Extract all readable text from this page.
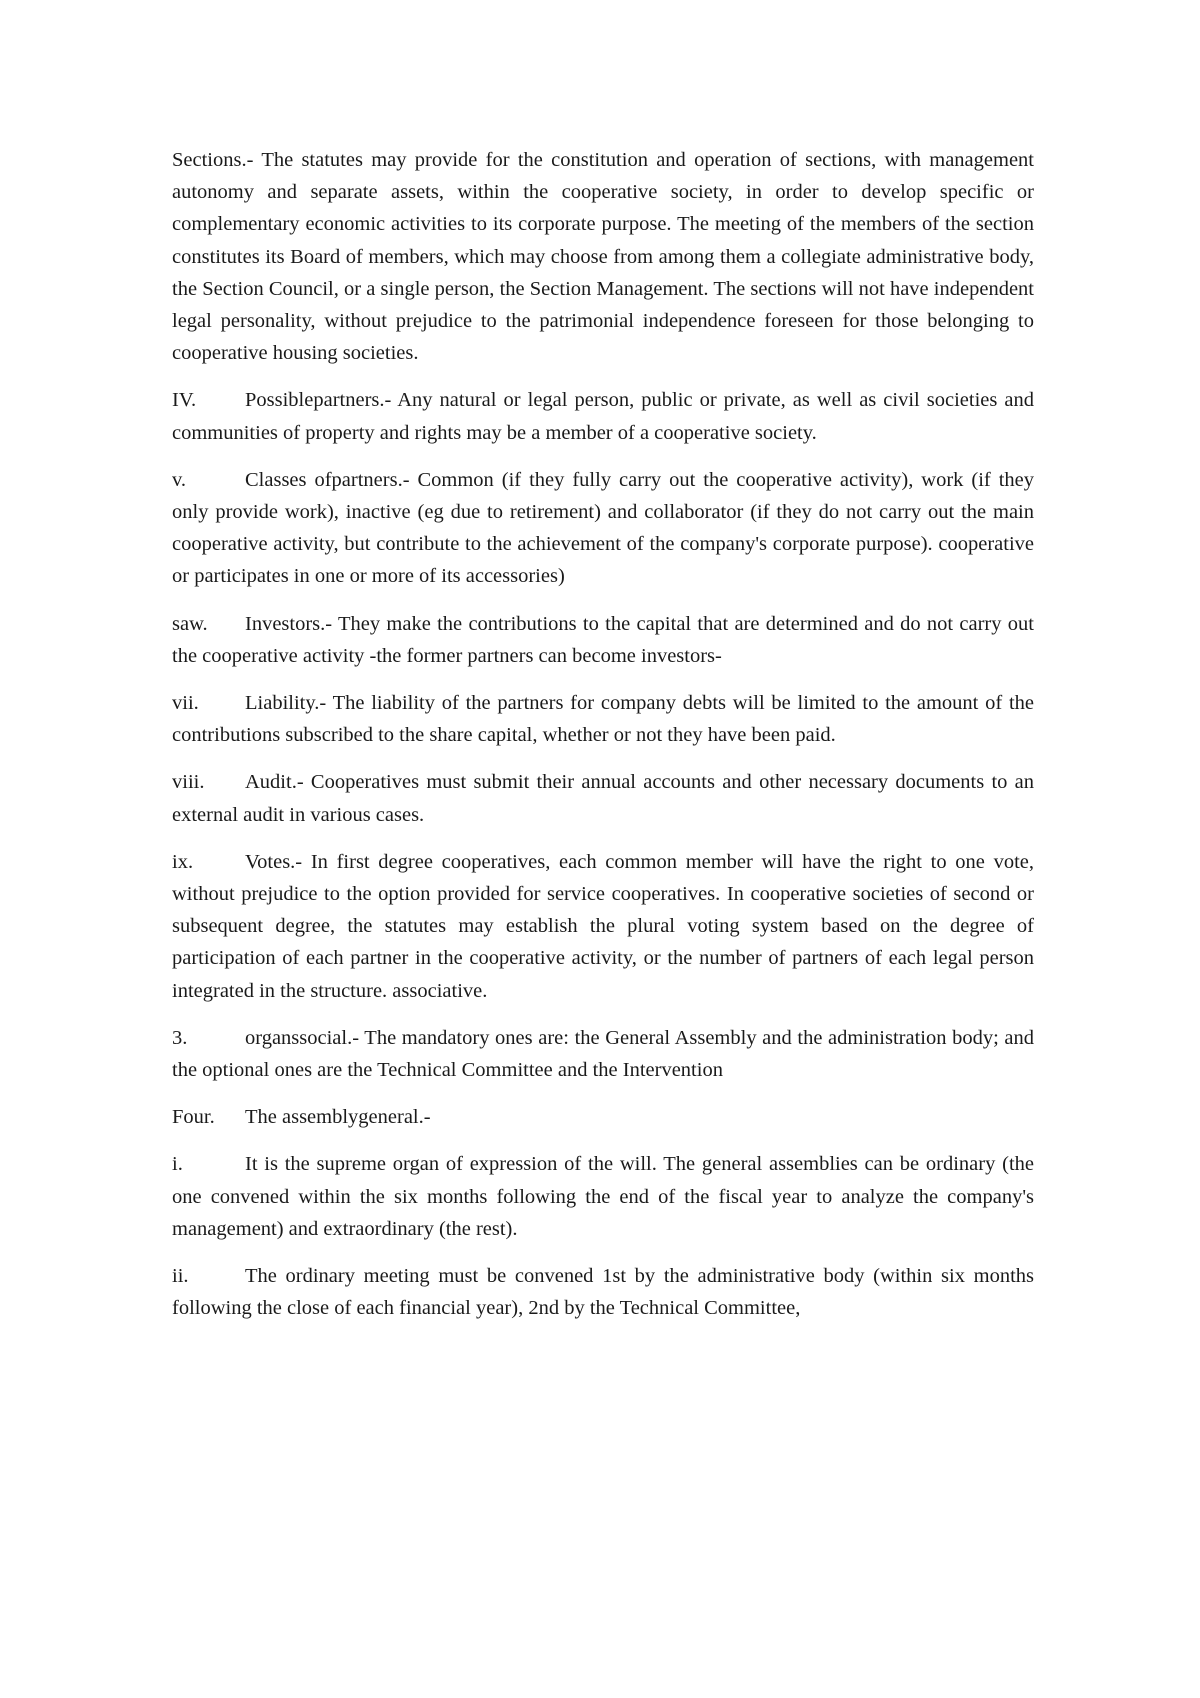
Sections.- The statutes may provide for the constitution and operation of sections, with management autonomy and separate assets, within the cooperative society, in order to develop specific or complementary economic activities to its corporate purpose. The meeting of the members of the section constitutes its Board of members, which may choose from among them a collegiate administrative body, the Section Council, or a single person, the Section Management. The sections will not have independent legal personality, without prejudice to the patrimonial independence foreseen for those belonging to cooperative housing societies.

IV. Possiblepartners.- Any natural or legal person, public or private, as well as civil societies and communities of property and rights may be a member of a cooperative society.

v.	Classes ofpartners.- Common (if they fully carry out the cooperative activity), work (if they only provide work), inactive (eg due to retirement) and collaborator (if they do not carry out the main cooperative activity, but contribute to the achievement of the company's corporate purpose). cooperative or participates in one or more of its accessories)

saw. Investors.- They make the contributions to the capital that are determined and do not carry out the cooperative activity -the former partners can become investors-

vii. Liability.- The liability of the partners for company debts will be limited to the amount of the contributions subscribed to the share capital, whether or not they have been paid.

viii. Audit.- Cooperatives must submit their annual accounts and other necessary documents to an external audit in various cases.

ix.	Votes.- In first degree cooperatives, each common member will have the right to one vote, without prejudice to the option provided for service cooperatives. In cooperative societies of second or subsequent degree, the statutes may establish the plural voting system based on the degree of participation of each partner in the cooperative activity, or the number of partners of each legal person integrated in the structure. associative.

3.	organssocial.- The mandatory ones are: the General Assembly and the administration body; and the optional ones are the Technical Committee and the Intervention

Four. The assemblygeneral.-

i.	It is the supreme organ of expression of the will. The general assemblies can be ordinary (the one convened within the six months following the end of the fiscal year to analyze the company's management) and extraordinary (the rest).

ii.	The ordinary meeting must be convened 1st by the administrative body (within six months following the close of each financial year), 2nd by the Technical Committee,
